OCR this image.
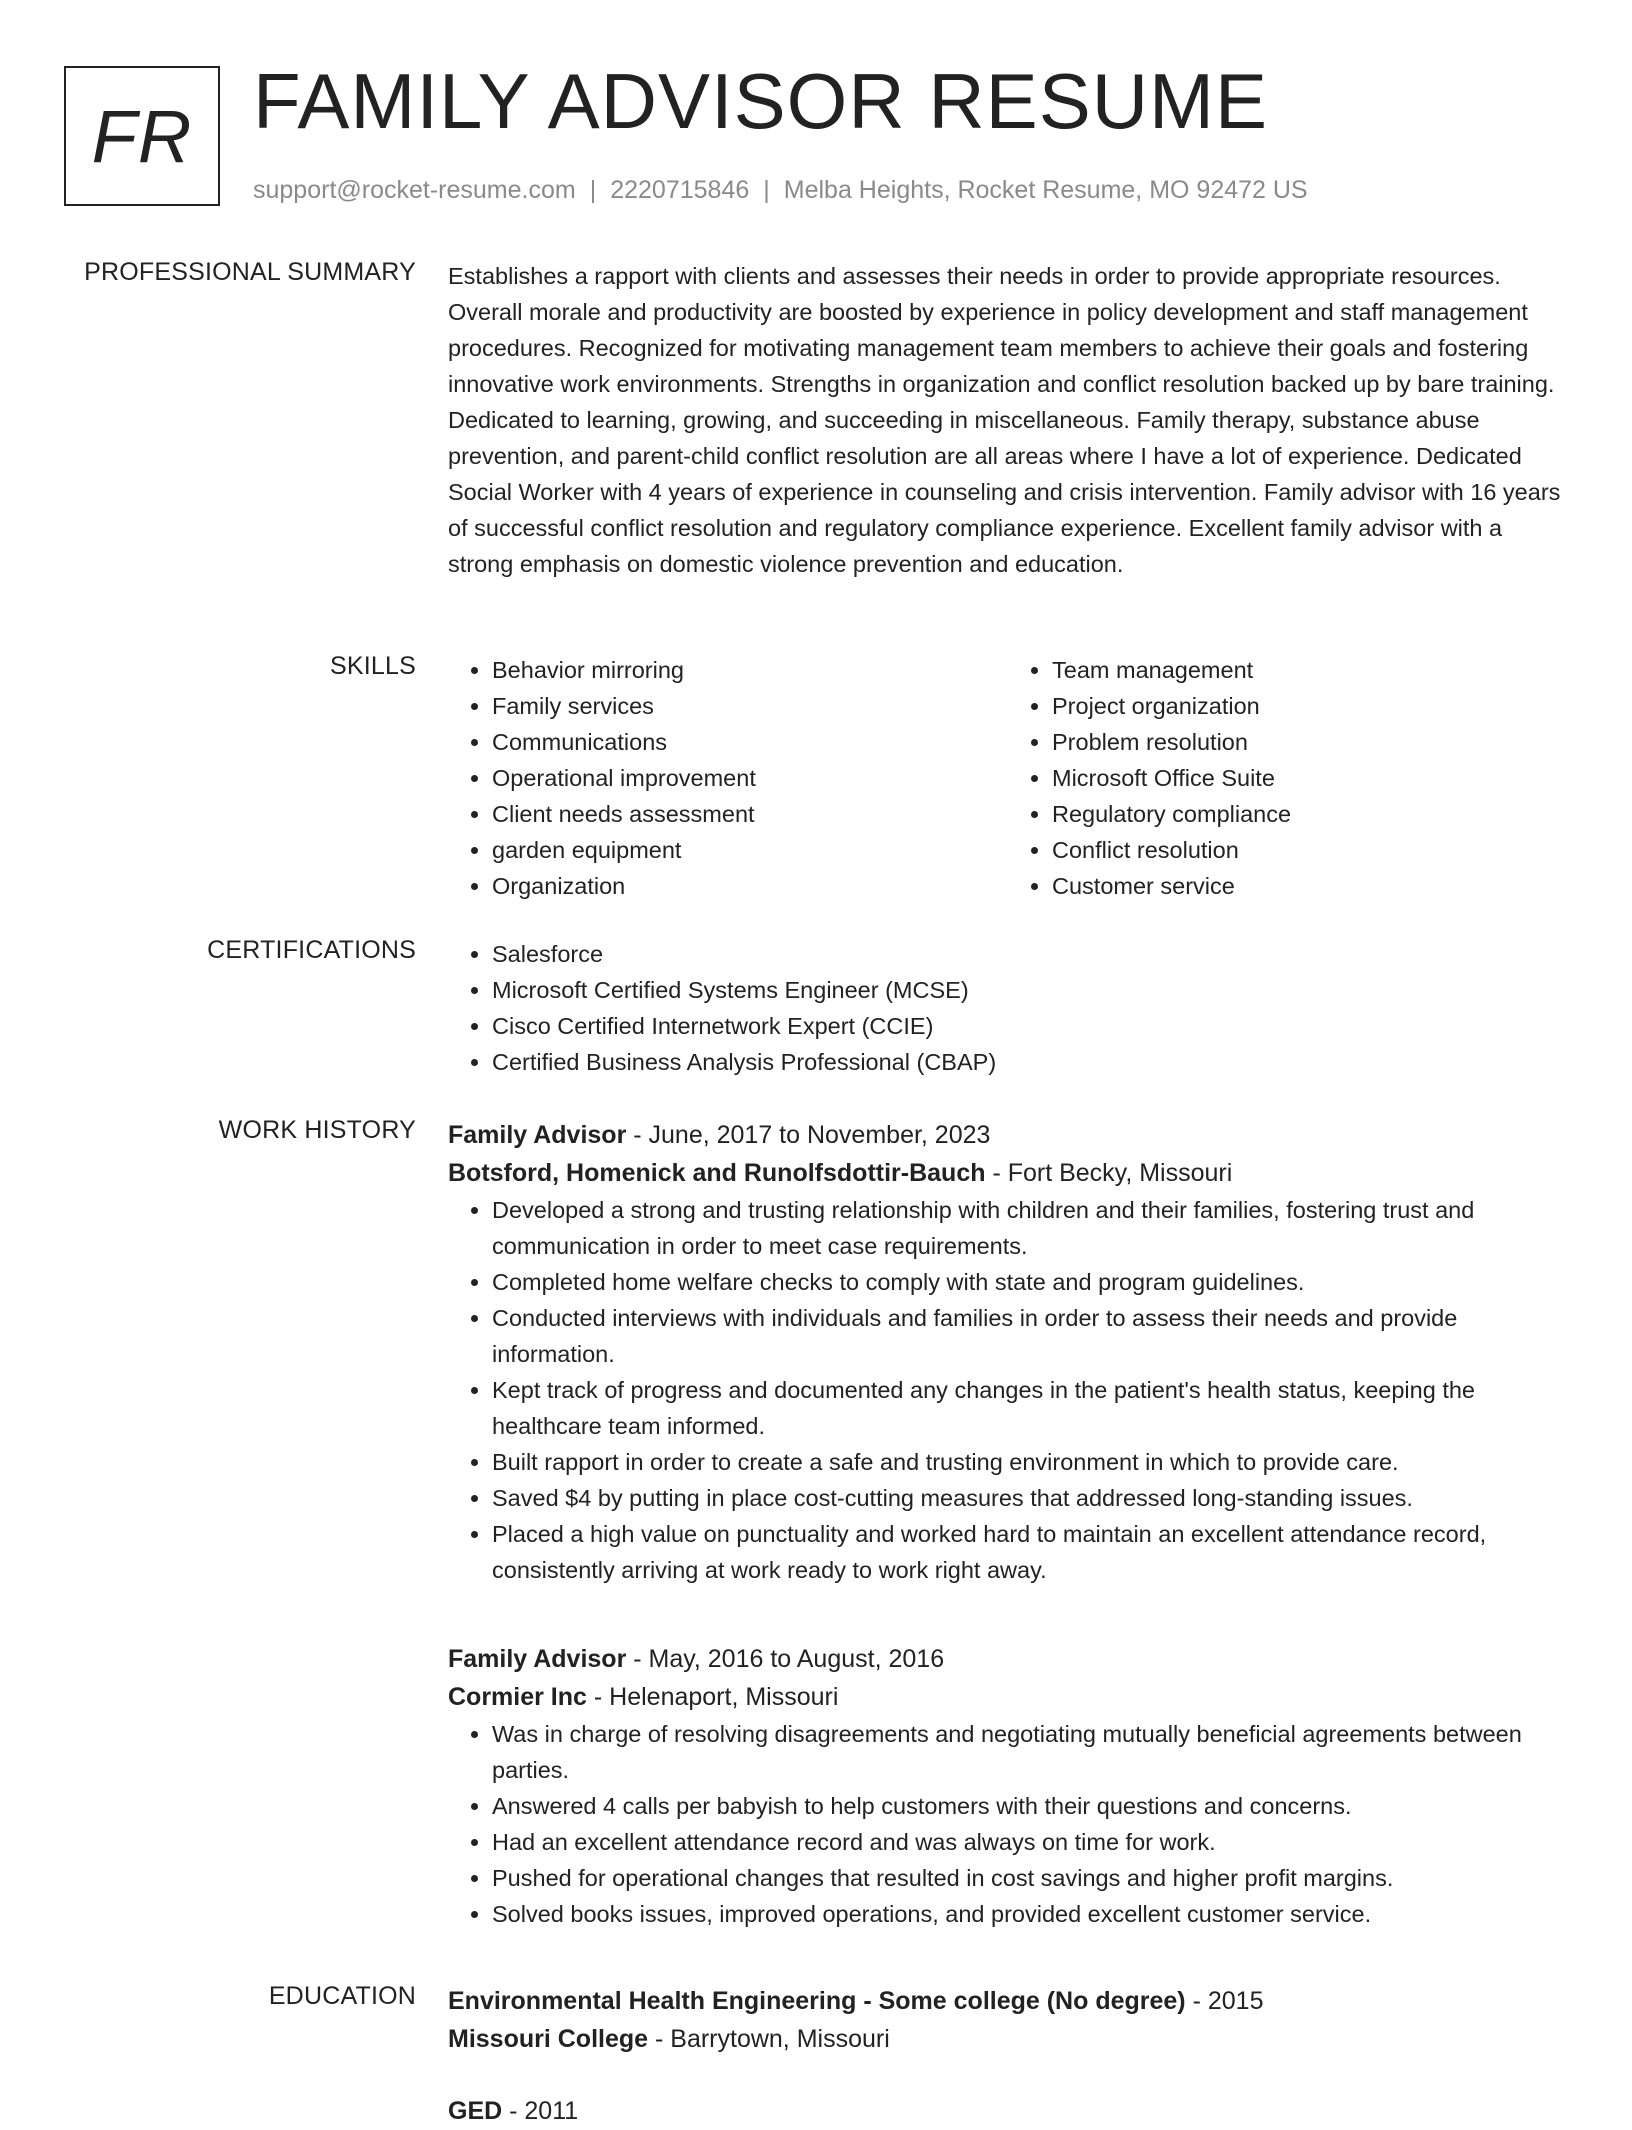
FR FAMILY ADVISOR RESUME
support@rocket-resume.com | 2220715846 | Melba Heights, Rocket Resume, MO 92472 US
PROFESSIONAL SUMMARY Establishes a rapport with clients and assesses their needs in order to provide appropriate resources. Overall morale and productivity are boosted by experience in policy development and staff management procedures. Recognized for motivating management team members to achieve their goals and fostering innovative work environments. Strengths in organization and conflict resolution backed up by bare training. Dedicated to learning, growing, and succeeding in miscellaneous. Family therapy, substance abuse prevention, and parent-child conflict resolution are all areas where I have a lot of experience. Dedicated Social Worker with 4 years of experience in counseling and crisis intervention. Family advisor with 16 years of successful conflict resolution and regulatory compliance experience. Excellent family advisor with a strong emphasis on domestic violence prevention and education.
SKILLS	• Behavior mirroring
• Family services
• Communications
• Operational improvement
• Client needs assessment
• garden equipment
• Organization
• Team management
• Project organization
• Problem resolution
• Microsoft Office Suite
• Regulatory compliance
• Conflict resolution
• Customer service
CERTIFICATIONS	• Salesforce
• Microsoft Certified Systems Engineer (MCSE)
• Cisco Certified Internetwork Expert (CCIE)
• Certified Business Analysis Professional (CBAP)
WORK HISTORY Family Advisor - June, 2017 to November, 2023
Botsford, Homenick and Runolfsdottir-Bauch - Fort Becky, Missouri
• Developed a strong and trusting relationship with children and their families, fostering trust and communication in order to meet case requirements.
• Completed home welfare checks to comply with state and program guidelines.
• Conducted interviews with individuals and families in order to assess their needs and provide information.
• Kept track of progress and documented any changes in the patient's health status, keeping the healthcare team informed.
• Built rapport in order to create a safe and trusting environment in which to provide care.
• Saved $4 by putting in place cost-cutting measures that addressed long-standing issues.
• Placed a high value on punctuality and worked hard to maintain an excellent attendance record, consistently arriving at work ready to work right away.
Family Advisor - May, 2016 to August, 2016
Cormier Inc - Helenaport, Missouri
• Was in charge of resolving disagreements and negotiating mutually beneficial agreements between parties.
• Answered 4 calls per babyish to help customers with their questions and concerns.
• Had an excellent attendance record and was always on time for work.
• Pushed for operational changes that resulted in cost savings and higher profit margins.
• Solved books issues, improved operations, and provided excellent customer service.
EDUCATION Environmental Health Engineering - Some college (No degree) - 2015
Missouri College - Barrytown, Missouri
GED - 2011
